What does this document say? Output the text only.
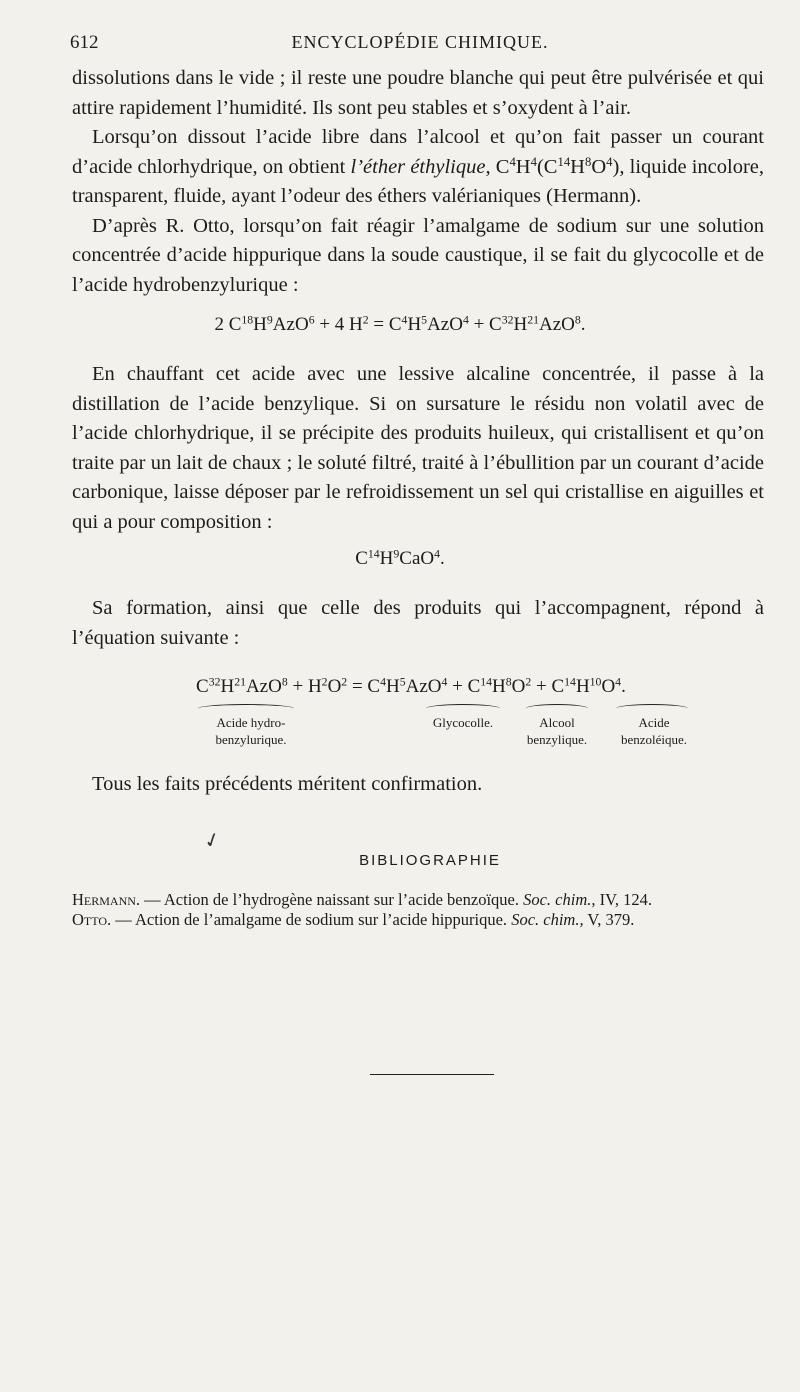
612	ENCYCLOPÉDIE CHIMIQUE.

dissolutions dans le vide ; il reste une poudre blanche qui peut être pulvérisée et qui attire rapidement l’humidité. Ils sont peu stables et s’oxydent à l’air.

Lorsqu’on dissout l’acide libre dans l’alcool et qu’on fait passer un courant d’acide chlorhydrique, on obtient l’éther éthylique, $C^4H^4(C^{14}H^8O^4)$, liquide incolore, transparent, fluide, ayant l’odeur des éthers valérianiques (Hermann).

D’après R. Otto, lorsqu’on fait réagir l’amalgame de sodium sur une solution concentrée d’acide hippurique dans la soude caustique, il se fait du glycocolle et de l’acide hydrobenzylurique :

2 $C^{18}H^9AzO^6 + 4$ $H^2 = C^4H^5AzO^4 + C^{32}H^{21}AzO^8$.

En chauffant cet acide avec une lessive alcaline concentrée, il passe à la distillation de l’acide benzylique. Si on sursature le résidu non volatil avec de l’acide chlorhydrique, il se précipite des produits huileux, qui cristallisent et qu’on traite par un lait de chaux ; le soluté filtré, traité à l’ébullition par un courant d’acide carbonique, laisse déposer par le refroidissement un sel qui cristallise en aiguilles et qui a pour composition :

$C^{14}H^9CaO^4$.

Sa formation, ainsi que celle des produits qui l’accompagnent, répond à l’équation suivante :

$C^{32}H^{21}AzO^8 + H^2O^2 = C^4H^5AzO^4 + C^{14}H^8O^2 + C^{14}H^{10}O^4$.
Acide hydro-
benzylurique.
Glycocolle.	Alcool
benzylique.
Acide
benzoléique.

Tous les faits précédents méritent confirmation.

✓
BIBLIOGRAPHIE
Hermann. — Action de l’hydrogène naissant sur l’acide benzoïque. Soc. chim., IV, 124.
Otto. — Action de l’amalgame de sodium sur l’acide hippurique. Soc. chim., V, 379.
